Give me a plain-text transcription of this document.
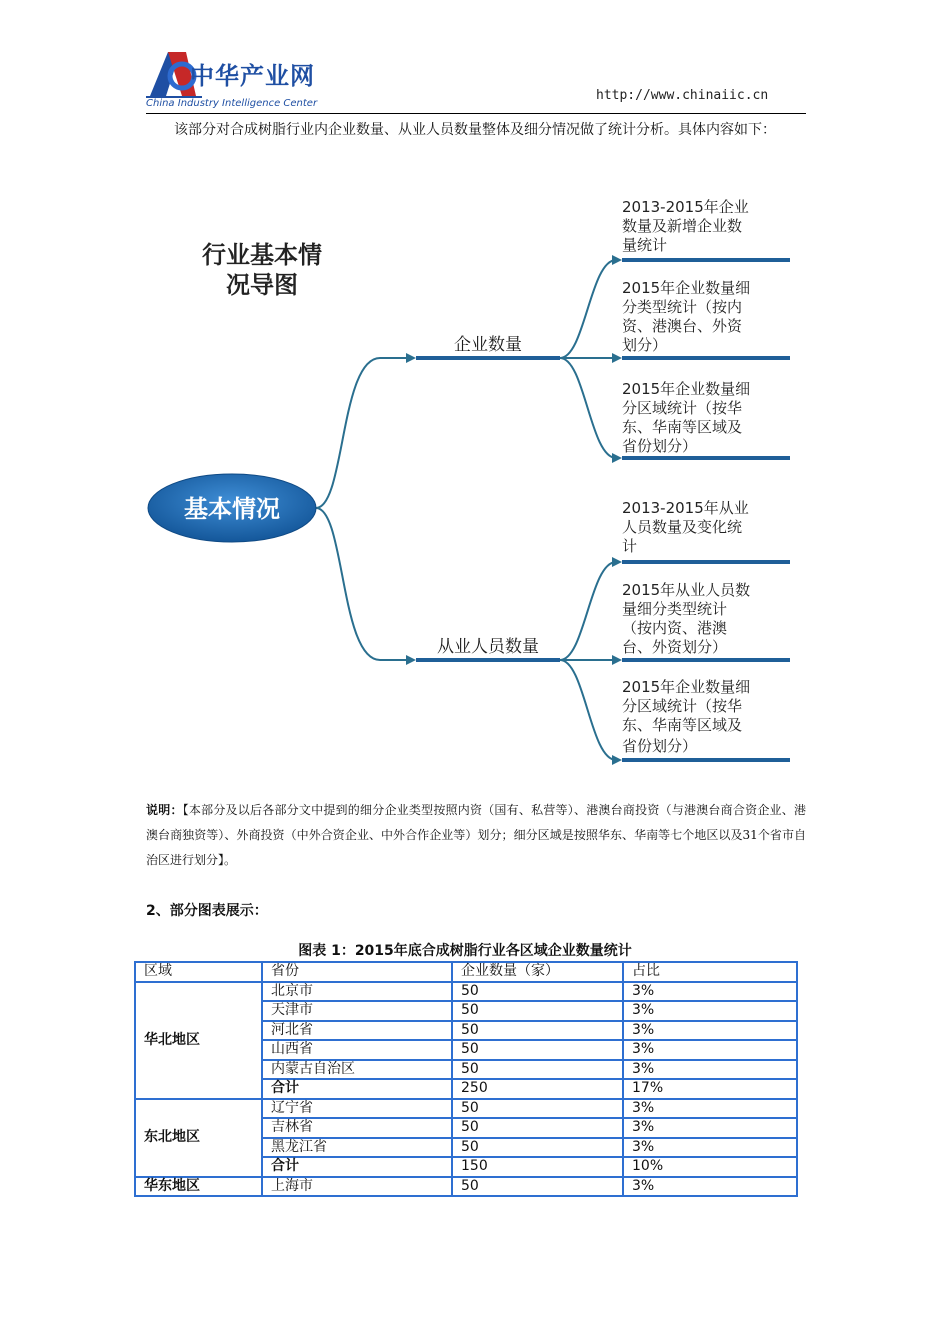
中华产业网
China Industry Intelligence Center
http://www.chinaiic.cn
该部分对合成树脂行业内企业数量、从业人员数量整体及细分情况做了统计分析。具体内容如下：
行业基本情
况导图
基本情况
企业数量
从业人员数量
2013-2015年企业
数量及新增企业数
量统计
2015年企业数量细
分类型统计（按内
资、港澳台、外资
划分）
2015年企业数量细
分区域统计（按华
东、华南等区域及
省份划分）
2013-2015年从业
人员数量及变化统
计
2015年从业人员数
量细分类型统计
（按内资、港澳
台、外资划分）
2015年企业数量细
分区域统计（按华
东、华南等区域及
省份划分）
说明：【本部分及以后各部分文中提到的细分企业类型按照内资（国有、私营等）、港澳台商投资（与港澳台商合资企业、港澳台商独资等）、外商投资（中外合资企业、中外合作企业等）划分；细分区域是按照华东、华南等七个地区以及31个省市自治区进行划分】。
2、部分图表展示：
图表 1：2015年底合成树脂行业各区域企业数量统计
区域	省份	企业数量（家）	占比
华北地区	北京市	50	3%
	天津市	50	3%
	河北省	50	3%
	山西省	50	3%
	内蒙古自治区	50	3%
	合计	250	17%
东北地区	辽宁省	50	3%
	吉林省	50	3%
	黑龙江省	50	3%
	合计	150	10%
华东地区	上海市	50	3%
